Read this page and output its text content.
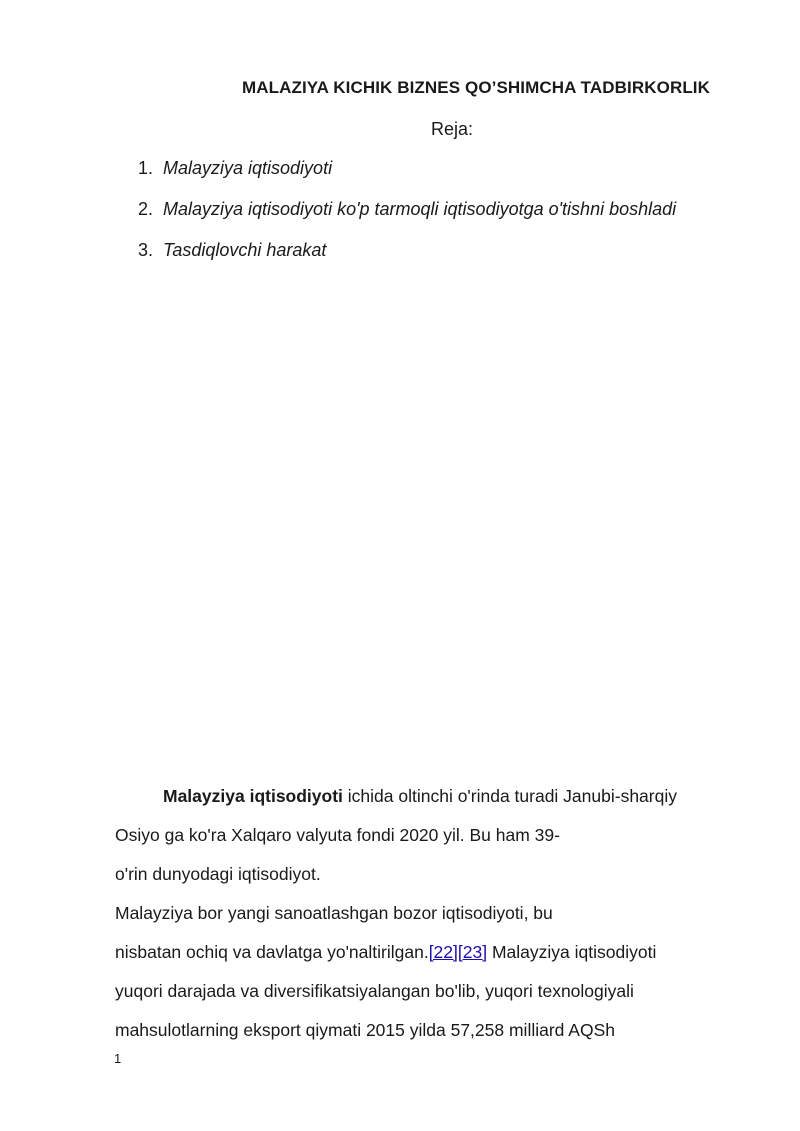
MALAZIYA KICHIK BIZNES QO’SHIMCHA TADBIRKORLIK
Reja:
1. Malayziya iqtisodiyoti
2. Malayziya iqtisodiyoti ko'p tarmoqli iqtisodiyotga o'tishni boshladi
3. Tasdiqlovchi harakat
Malayziya iqtisodiyoti ichida oltinchi o'rinda turadi Janubi-sharqiy
Osiyo ga ko'ra Xalqaro valyuta fondi 2020 yil. Bu ham 39-
o'rin dunyodagi iqtisodiyot.
Malayziya bor yangi sanoatlashgan bozor iqtisodiyoti, bu
nisbatan ochiq va davlatga yo'naltirilgan.[22][23] Malayziya iqtisodiyoti
yuqori darajada va diversifikatsiyalangan bo'lib, yuqori texnologiyali
mahsulotlarning eksport qiymati 2015 yilda 57,258 milliard AQSh
1
